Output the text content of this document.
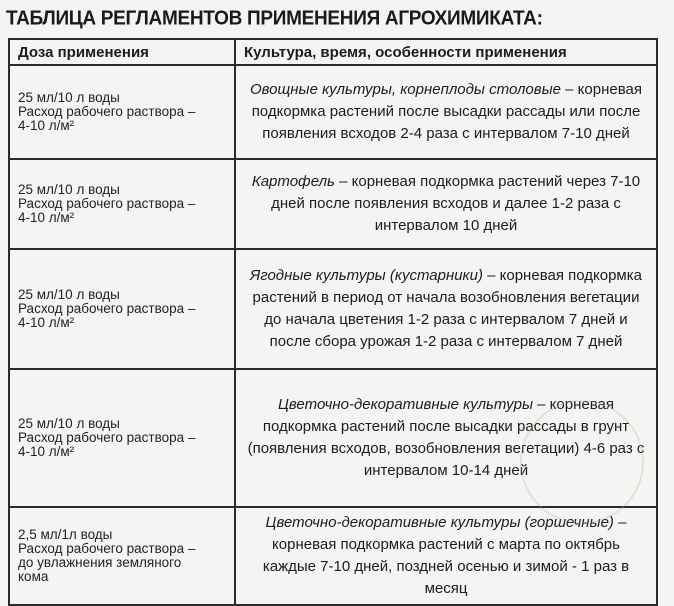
ТАБЛИЦА РЕГЛАМЕНТОВ ПРИМЕНЕНИЯ АГРОХИМИКАТА:
Доза применения	Культура, время, особенности применения

25 мл/10 л воды
Расход рабочего раствора –
4-10 л/м²	Овощные культуры, корнеплоды столовые – корневая подкормка растений после высадки рассады или после появления всходов 2-4 раза с интервалом 7-10 дней

25 мл/10 л воды
Расход рабочего раствора –
4-10 л/м²	Картофель – корневая подкормка растений через 7-10 дней после появления всходов и далее 1-2 раза с интервалом 10 дней

25 мл/10 л воды
Расход рабочего раствора –
4-10 л/м²	Ягодные культуры (кустарники) – корневая подкормка растений в период от начала возобновления вегетации до начала цветения 1-2 раза с интервалом 7 дней и после сбора урожая 1-2 раза с интервалом 7 дней

25 мл/10 л воды
Расход рабочего раствора –
4-10 л/м²	Цветочно-декоративные культуры – корневая подкормка растений после высадки рассады в грунт (появления всходов, возобновления вегетации) 4-6 раз с интервалом 10-14 дней

2,5 мл/1л воды
Расход рабочего раствора –
до увлажнения земляного
кома	Цветочно-декоративные культуры (горшечные) – корневая подкормка растений с марта по октябрь каждые 7-10 дней, поздней осенью и зимой - 1 раз в месяц
